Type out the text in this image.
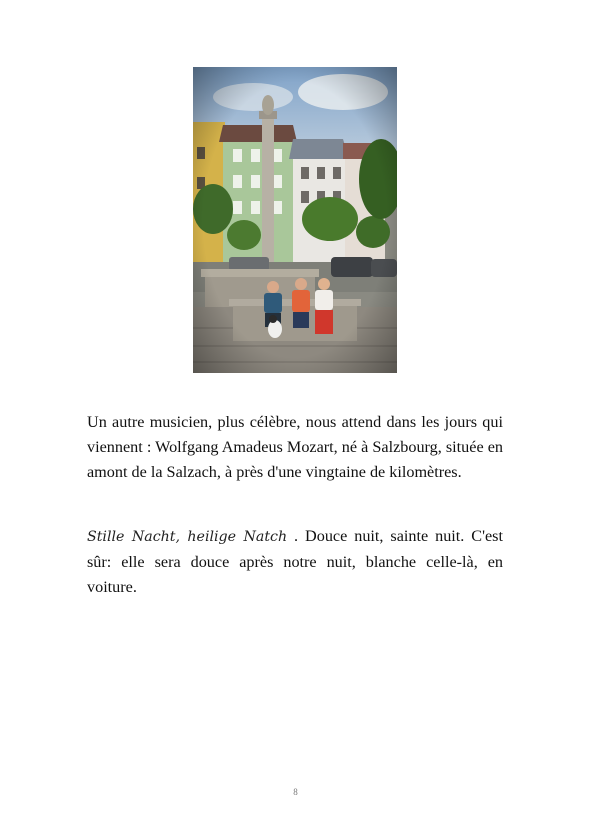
Un autre musicien, plus célèbre, nous attend dans les jours qui viennent : Wolfgang Amadeus Mozart, né à Salzbourg, située en amont de la Salzach, à près d'une vingtaine de kilomètres.

Stille Nacht, heilige Natch . Douce nuit, sainte nuit. C'est sûr: elle sera douce après notre nuit, blanche celle-là, en voiture.

8
